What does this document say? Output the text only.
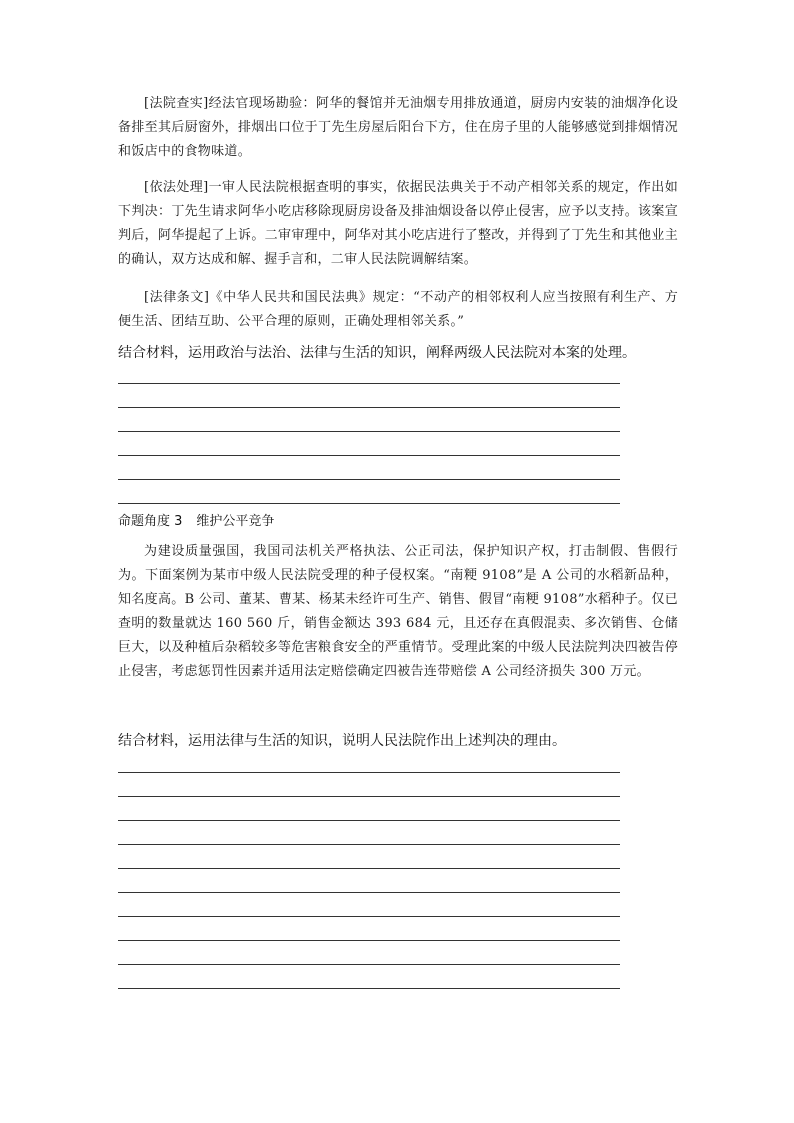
[法院查实]经法官现场勘验：阿华的餐馆并无油烟专用排放通道，厨房内安装的油烟净化设备排至其后厨窗外，排烟出口位于丁先生房屋后阳台下方，住在房子里的人能够感觉到排烟情况和饭店中的食物味道。

[依法处理]一审人民法院根据查明的事实，依据民法典关于不动产相邻关系的规定，作出如下判决：丁先生请求阿华小吃店移除现厨房设备及排油烟设备以停止侵害，应予以支持。该案宣判后，阿华提起了上诉。二审审理中，阿华对其小吃店进行了整改，并得到了丁先生和其他业主的确认，双方达成和解、握手言和，二审人民法院调解结案。

[法律条文]《中华人民共和国民法典》规定：“不动产的相邻权利人应当按照有利生产、方便生活、团结互助、公平合理的原则，正确处理相邻关系。”

结合材料，运用政治与法治、法律与生活的知识，阐释两级人民法院对本案的处理。

命题角度 3 维护公平竞争

为建设质量强国，我国司法机关严格执法、公正司法，保护知识产权，打击制假、售假行为。下面案例为某市中级人民法院受理的种子侵权案。“南粳 9108”是 A 公司的水稻新品种，知名度高。B 公司、董某、曹某、杨某未经许可生产、销售、假冒“南粳 9108”水稻种子。仅已查明的数量就达 160 560 斤，销售金额达 393 684 元，且还存在真假混卖、多次销售、仓储巨大，以及种植后杂稻较多等危害粮食安全的严重情节。受理此案的中级人民法院判决四被告停止侵害，考虑惩罚性因素并适用法定赔偿确定四被告连带赔偿 A 公司经济损失 300 万元。

结合材料，运用法律与生活的知识，说明人民法院作出上述判决的理由。
